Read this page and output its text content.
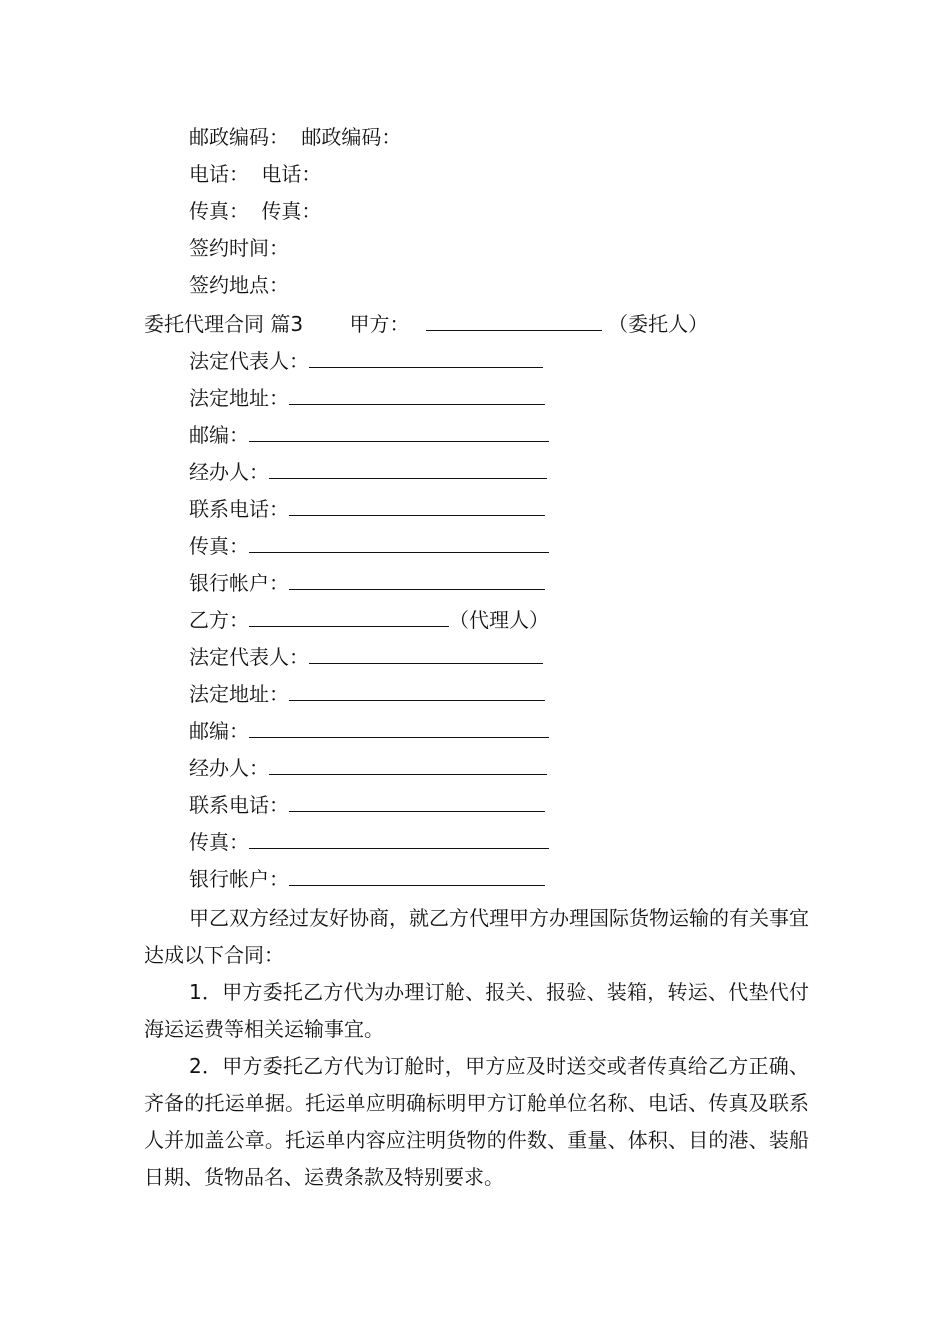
邮政编码： 邮政编码：
电话： 电话：
传真： 传真：
签约时间：
签约地点：
委托代理合同 篇3 甲方：	（委托人）
法定代表人：
法定地址：
邮编：
经办人：
联系电话：
传真：
银行帐户：
乙方：	（代理人）
法定代表人：
法定地址：
邮编：
经办人：
联系电话：
传真：
银行帐户：

甲乙双方经过友好协商，就乙方代理甲方办理国际货物运输的有关事宜达成以下合同：

1．甲方委托乙方代为办理订舱、报关、报验、装箱，转运、代垫代付海运运费等相关运输事宜。

2．甲方委托乙方代为订舱时，甲方应及时送交或者传真给乙方正确、齐备的托运单据。托运单应明确标明甲方订舱单位名称、电话、传真及联系人并加盖公章。托运单内容应注明货物的件数、重量、体积、目的港、装船日期、货物品名、运费条款及特别要求。
